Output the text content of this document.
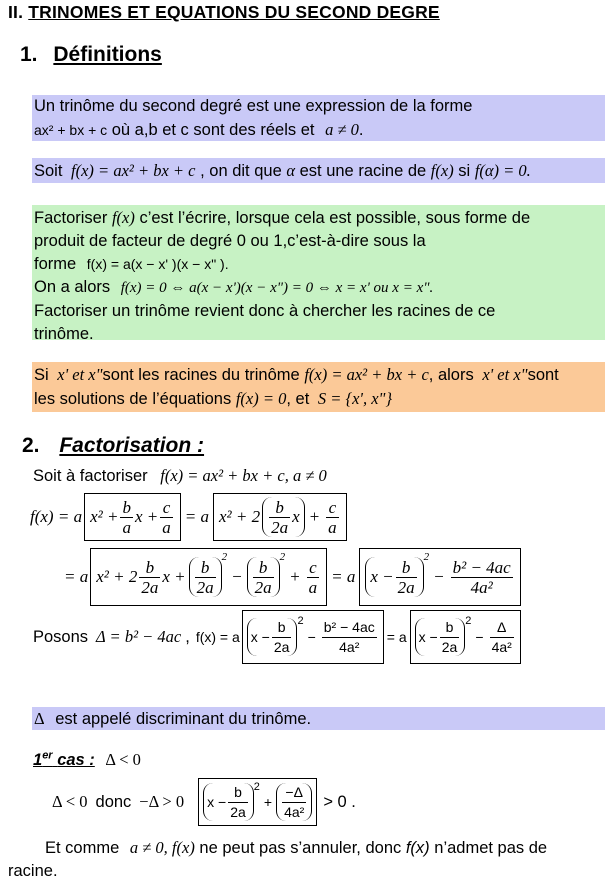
II. TRINOMES ET EQUATIONS DU SECOND DEGRE
1. Définitions
Un trinôme du second degré est une expression de la forme
ax² + bx + c où a,b et c sont des réels et a ≠ 0.
Soit f(x) = ax² + bx + c , on dit que α est une racine de f(x) si f(α) = 0.
Factoriser f(x) c’est l’écrire, lorsque cela est possible, sous forme de
produit de facteur de degré 0 ou 1,c’est-à-dire sous la
forme f(x) = a(x − x' )(x − x" ).
On a alors f(x) = 0 ⇔ a(x − x')(x − x") = 0 ⇔ x = x' ou x = x".
Factoriser un trinôme revient donc à chercher les racines de ce
trinôme.
Si x' et x"sont les racines du trinôme f(x) = ax² + bx + c, alors x' et x"sont
les solutions de l’équations f(x) = 0, et S = {x', x"}
2. Factorisation :
Soit à factoriser f(x) = ax² + bx + c, a ≠ 0
f(x) = a $x^2 + \frac{b}{a}$ $x + \frac{c}{a} = a$ $x^2 + 2 \frac{b}{2a}$ $x + \frac{c}{a}$
= a $x^2 + 2 \frac{b}{2a}$ $x + \frac{b}{2a}$
$^2$
− $\frac{b}{2a}$
$^2$
+ $\frac{c}{a} = a$ $x - \frac{b}{2a}$
$^2$
− $\frac{\text{b² − 4ac}}{\text{4a²}}$
Posons Δ = b² − 4ac , f(x) = a $x - \frac{b}{2a} ^2$
− $\frac{\text{b² − 4ac}}{\text{4a²}} = a$ $x - \frac{b}{2a} ^2$
− $\frac{\Delta}{\text{4a²}}$
Δ est appelé discriminant du trinôme.
1er cas : Δ < 0
Δ < 0 donc −Δ > 0 $x - \frac{b}{2a} ^2$
+ $\frac{-\Delta}{\text{4a²}} > 0$ .
Et comme a ≠ 0, f(x) ne peut pas s’annuler, donc f(x) n’admet pas de
racine.
